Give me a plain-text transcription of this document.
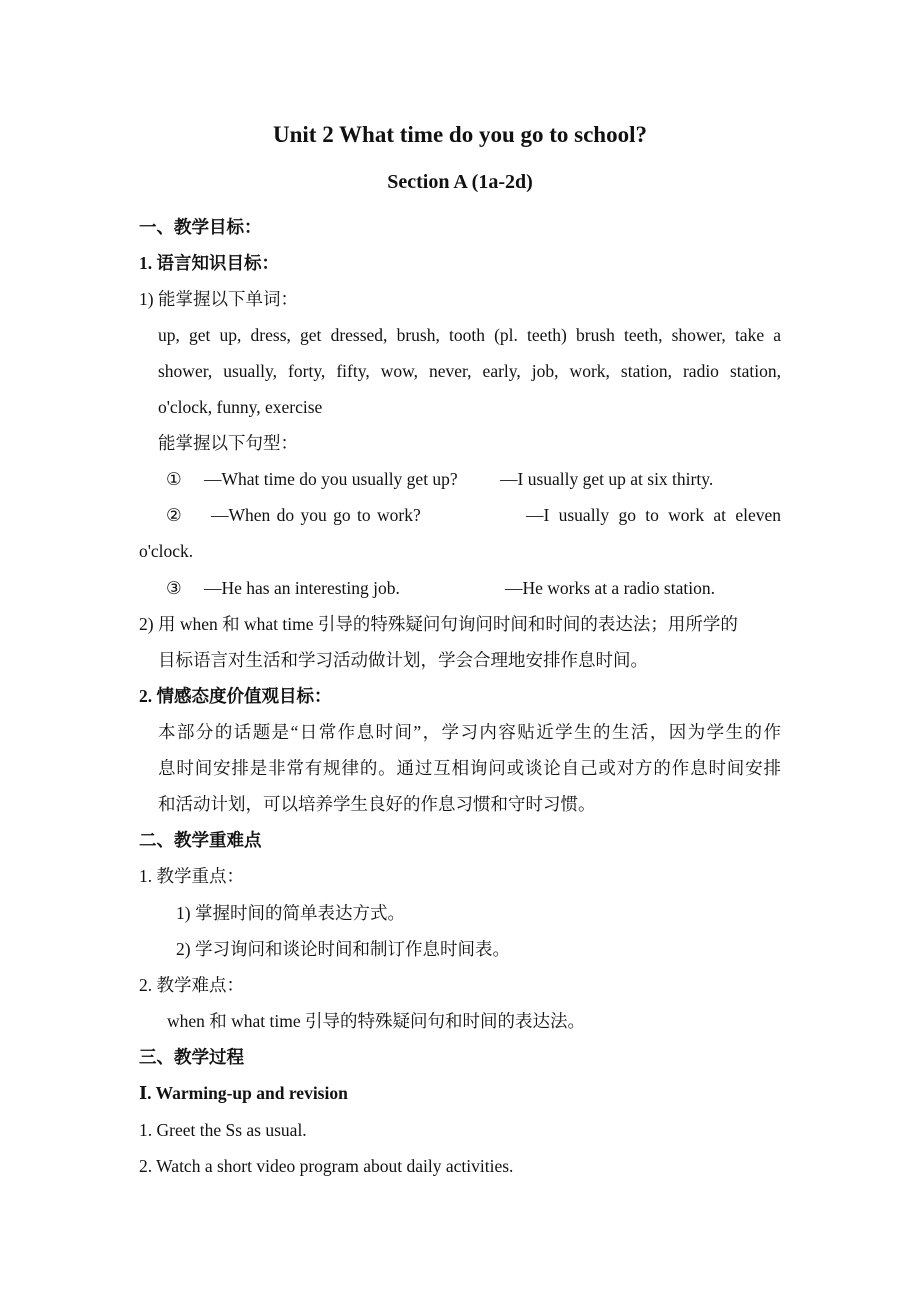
Unit 2 What time do you go to school?
Section A (1a-2d)
一、教学目标：
1. 语言知识目标：
1) 能掌握以下单词：
up, get up, dress, get dressed, brush, tooth (pl. teeth) brush teeth, shower, take a
shower, usually, forty, fifty, wow, never, early, job, work, station, radio station,
o'clock, funny, exercise
能掌握以下句型：
① —What time do you usually get up? —I usually get up at six thirty.
② —When do you go to work?	—I usually go to work at eleven
o'clock.
③ —He has an interesting job.	—He works at a radio station.
2) 用 when 和 what time 引导的特殊疑问句询问时间和时间的表达法；用所学的
目标语言对生活和学习活动做计划，学会合理地安排作息时间。
2. 情感态度价值观目标：
本部分的话题是“日常作息时间”，学习内容贴近学生的生活，因为学生的作
息时间安排是非常有规律的。通过互相询问或谈论自己或对方的作息时间安排
和活动计划，可以培养学生良好的作息习惯和守时习惯。
二、教学重难点
1. 教学重点：
1) 掌握时间的简单表达方式。
2) 学习询问和谈论时间和制订作息时间表。
2. 教学难点：
when 和 what time 引导的特殊疑问句和时间的表达法。
三、教学过程
Ⅰ. Warming-up and revision
1. Greet the Ss as usual.
2. Watch a short video program about daily activities.
